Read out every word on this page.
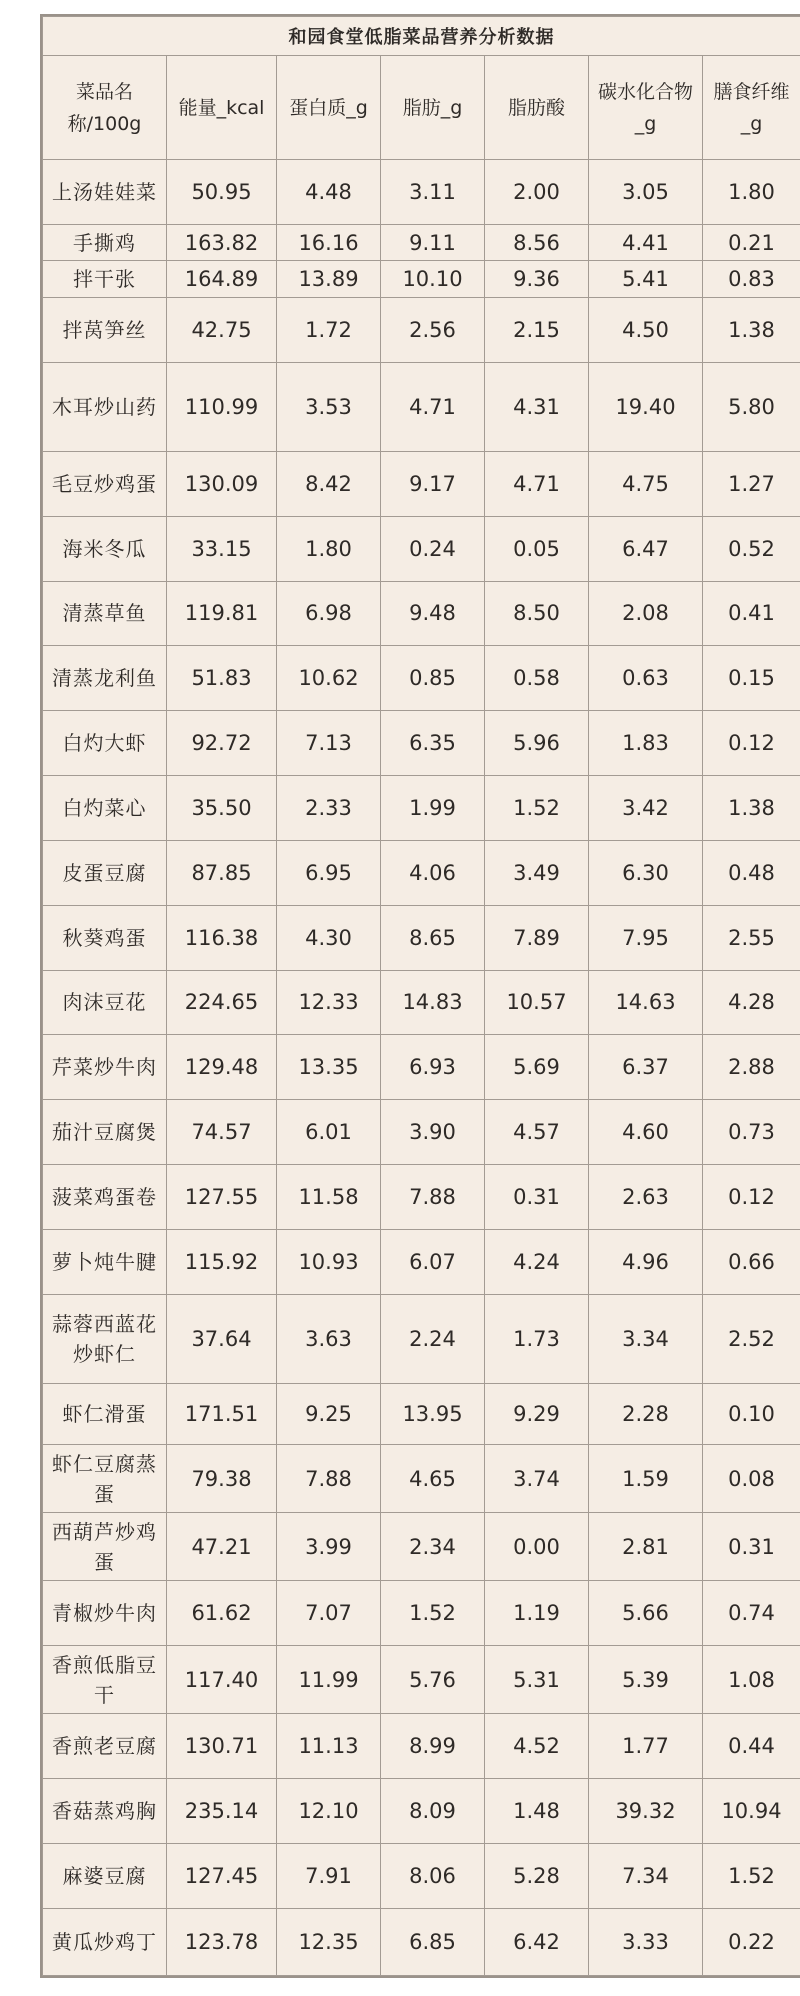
和园食堂低脂菜品营养分析数据						
菜品名称/100g	能量_kcal	蛋白质_g	脂肪_g	脂肪酸	碳水化合物_g	膳食纤维_g
上汤娃娃菜	50.95	4.48	3.11	2.00	3.05	1.80
手撕鸡	163.82	16.16	9.11	8.56	4.41	0.21
拌干张	164.89	13.89	10.10	9.36	5.41	0.83
拌莴笋丝	42.75	1.72	2.56	2.15	4.50	1.38
木耳炒山药	110.99	3.53	4.71	4.31	19.40	5.80
毛豆炒鸡蛋	130.09	8.42	9.17	4.71	4.75	1.27
海米冬瓜	33.15	1.80	0.24	0.05	6.47	0.52
清蒸草鱼	119.81	6.98	9.48	8.50	2.08	0.41
清蒸龙利鱼	51.83	10.62	0.85	0.58	0.63	0.15
白灼大虾	92.72	7.13	6.35	5.96	1.83	0.12
白灼菜心	35.50	2.33	1.99	1.52	3.42	1.38
皮蛋豆腐	87.85	6.95	4.06	3.49	6.30	0.48
秋葵鸡蛋	116.38	4.30	8.65	7.89	7.95	2.55
肉沫豆花	224.65	12.33	14.83	10.57	14.63	4.28
芹菜炒牛肉	129.48	13.35	6.93	5.69	6.37	2.88
茄汁豆腐煲	74.57	6.01	3.90	4.57	4.60	0.73
菠菜鸡蛋卷	127.55	11.58	7.88	0.31	2.63	0.12
萝卜炖牛腱	115.92	10.93	6.07	4.24	4.96	0.66
蒜蓉西蓝花炒虾仁	37.64	3.63	2.24	1.73	3.34	2.52
虾仁滑蛋	171.51	9.25	13.95	9.29	2.28	0.10
虾仁豆腐蒸蛋	79.38	7.88	4.65	3.74	1.59	0.08
西葫芦炒鸡蛋	47.21	3.99	2.34	0.00	2.81	0.31
青椒炒牛肉	61.62	7.07	1.52	1.19	5.66	0.74
香煎低脂豆干	117.40	11.99	5.76	5.31	5.39	1.08
香煎老豆腐	130.71	11.13	8.99	4.52	1.77	0.44
香菇蒸鸡胸	235.14	12.10	8.09	1.48	39.32	10.94
麻婆豆腐	127.45	7.91	8.06	5.28	7.34	1.52
黄瓜炒鸡丁	123.78	12.35	6.85	6.42	3.33	0.22
